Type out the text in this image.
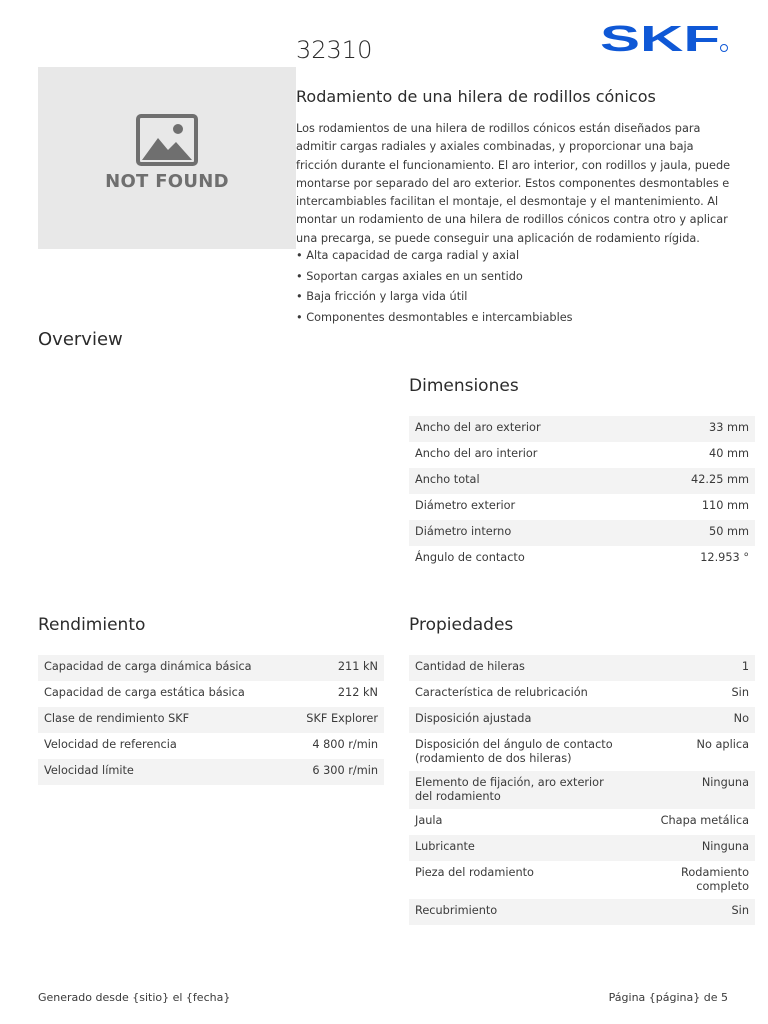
32310	SKF
NOT FOUND
Rodamiento de una hilera de rodillos cónicos
Los rodamientos de una hilera de rodillos cónicos están diseñados para admitir cargas radiales y axiales combinadas, y proporcionar una baja fricción durante el funcionamiento. El aro interior, con rodillos y jaula, puede montarse por separado del aro exterior. Estos componentes desmontables e intercambiables facilitan el montaje, el desmontaje y el mantenimiento. Al montar un rodamiento de una hilera de rodillos cónicos contra otro y aplicar una precarga, se puede conseguir una aplicación de rodamiento rígida.
• Alta capacidad de carga radial y axial
• Soportan cargas axiales en un sentido
• Baja fricción y larga vida útil
• Componentes desmontables e intercambiables
Overview
Dimensiones
Ancho del aro exterior	33 mm
Ancho del aro interior	40 mm
Ancho total	42.25 mm
Diámetro exterior	110 mm
Diámetro interno	50 mm
Ángulo de contacto	12.953 °
Rendimiento
Capacidad de carga dinámica básica	211 kN
Capacidad de carga estática básica	212 kN
Clase de rendimiento SKF	SKF Explorer
Velocidad de referencia	4 800 r/min
Velocidad límite	6 300 r/min
Propiedades
Cantidad de hileras	1
Característica de relubricación	Sin
Disposición ajustada	No
Disposición del ángulo de contacto (rodamiento de dos hileras)	No aplica
Elemento de fijación, aro exterior del rodamiento	Ninguna
Jaula	Chapa metálica
Lubricante	Ninguna
Pieza del rodamiento	Rodamiento completo
Recubrimiento	Sin
Generado desde {sitio} el {fecha}	Página {página} de 5
